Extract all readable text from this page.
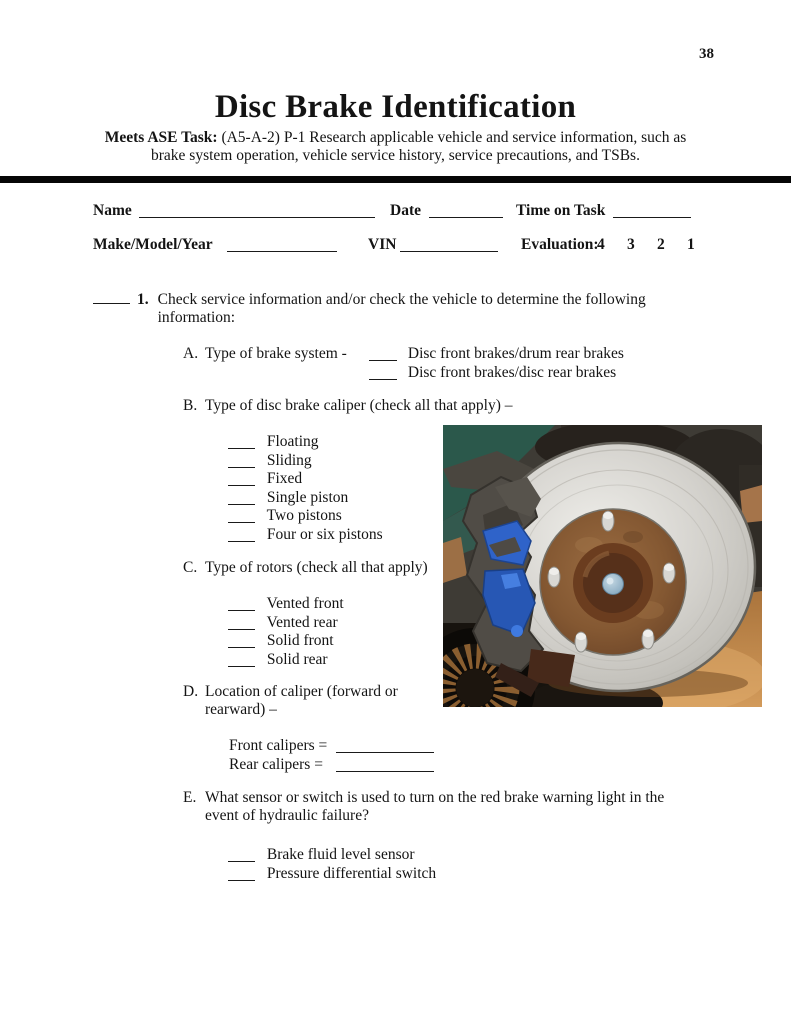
38
Disc Brake Identification
Meets ASE Task: (A5-A-2) P-1 Research applicable vehicle and service information, such as
brake system operation, vehicle service history, service precautions, and TSBs.
Name	Date	Time on Task
Make/Model/Year	VIN	Evaluation:
4 3 2 1
1. Check service information and/or check the vehicle to determine the following
information:
A. Type of brake system -	Disc front brakes/drum rear brakes
Disc front brakes/disc rear brakes
B. Type of disc brake caliper (check all that apply) –
Floating
Sliding
Fixed
Single piston
Two pistons
Four or six pistons
C. Type of rotors (check all that apply)
Vented front
Vented rear
Solid front
Solid rear
D. Location of caliper (forward or
rearward) –
Front calipers =
Rear calipers =
E. What sensor or switch is used to turn on the red brake warning light in the
event of hydraulic failure?
Brake fluid level sensor
Pressure differential switch
